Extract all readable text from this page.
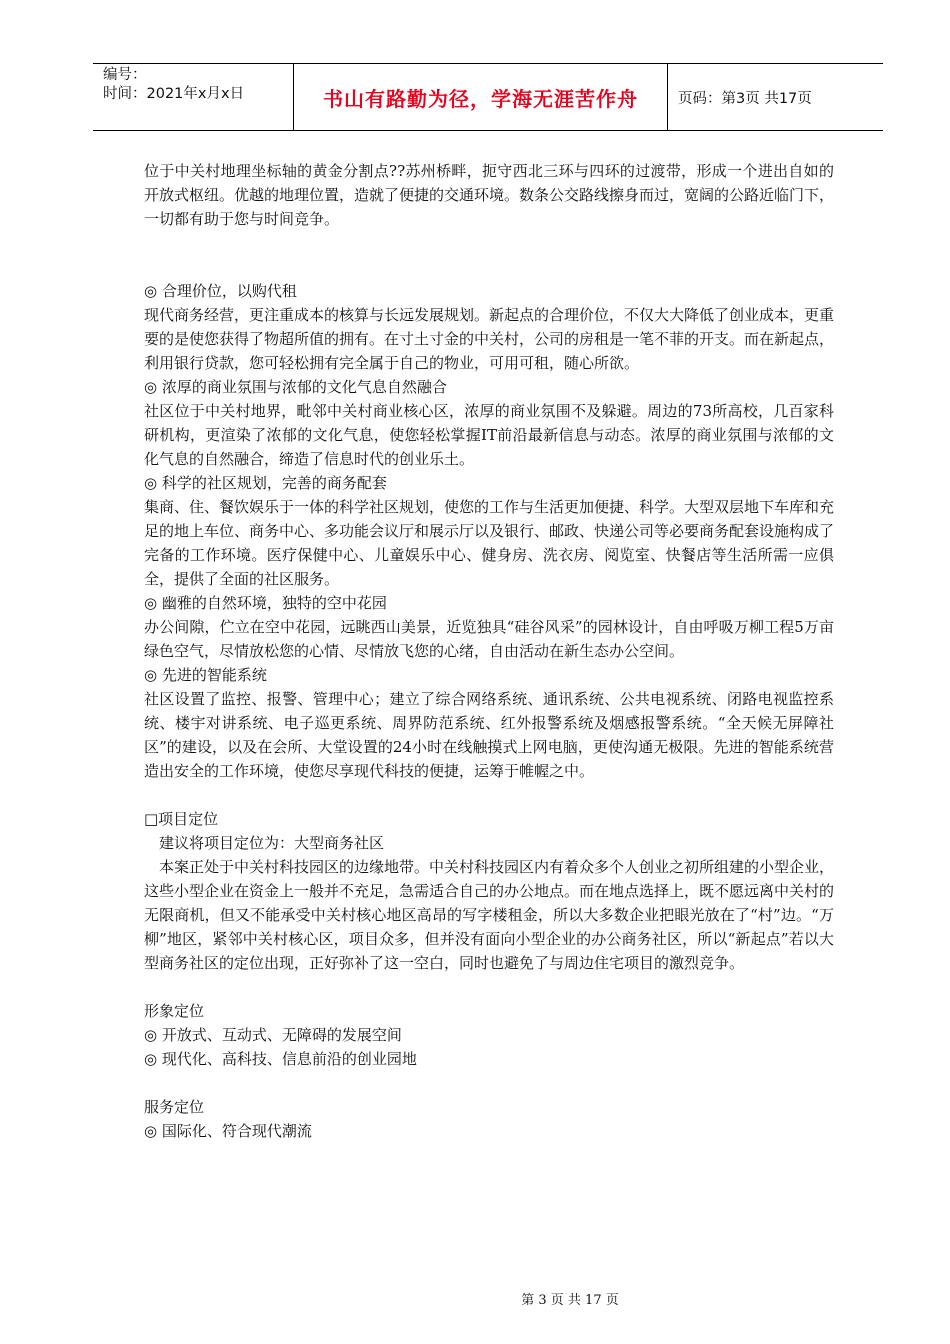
编号：
时间：2021年x月x日	书山有路勤为径，学海无涯苦作舟	页码：第3页 共17页

位于中关村地理坐标轴的黄金分割点??苏州桥畔，扼守西北三环与四环的过渡带，形成一个进出自如的开放式枢纽。优越的地理位置，造就了便捷的交通环境。数条公交路线擦身而过，宽阔的公路近临门下，一切都有助于您与时间竞争。

◎ 合理价位，以购代租

现代商务经营，更注重成本的核算与长远发展规划。新起点的合理价位，不仅大大降低了创业成本，更重要的是使您获得了物超所值的拥有。在寸土寸金的中关村，公司的房租是一笔不菲的开支。而在新起点，利用银行贷款，您可轻松拥有完全属于自己的物业，可用可租，随心所欲。

◎ 浓厚的商业氛围与浓郁的文化气息自然融合

社区位于中关村地界，毗邻中关村商业核心区，浓厚的商业氛围不及躲避。周边的73所高校，几百家科研机构，更渲染了浓郁的文化气息，使您轻松掌握IT前沿最新信息与动态。浓厚的商业氛围与浓郁的文化气息的自然融合，缔造了信息时代的创业乐土。

◎ 科学的社区规划，完善的商务配套

集商、住、餐饮娱乐于一体的科学社区规划，使您的工作与生活更加便捷、科学。大型双层地下车库和充足的地上车位、商务中心、多功能会议厅和展示厅以及银行、邮政、快递公司等必要商务配套设施构成了完备的工作环境。医疗保健中心、儿童娱乐中心、健身房、洗衣房、阅览室、快餐店等生活所需一应俱全，提供了全面的社区服务。

◎ 幽雅的自然环境，独特的空中花园

办公间隙，伫立在空中花园，远眺西山美景，近览独具“硅谷风采”的园林设计，自由呼吸万柳工程5万亩绿色空气，尽情放松您的心情、尽情放飞您的心绪，自由活动在新生态办公空间。

◎ 先进的智能系统

社区设置了监控、报警、管理中心；建立了综合网络系统、通讯系统、公共电视系统、闭路电视监控系统、楼宇对讲系统、电子巡更系统、周界防范系统、红外报警系统及烟感报警系统。“全天候无屏障社区”的建设，以及在会所、大堂设置的24小时在线触摸式上网电脑，更使沟通无极限。先进的智能系统营造出安全的工作环境，使您尽享现代科技的便捷，运筹于帷幄之中。

□项目定位

建议将项目定位为：大型商务社区

本案正处于中关村科技园区的边缘地带。中关村科技园区内有着众多个人创业之初所组建的小型企业，这些小型企业在资金上一般并不充足，急需适合自己的办公地点。而在地点选择上，既不愿远离中关村的无限商机，但又不能承受中关村核心地区高昂的写字楼租金，所以大多数企业把眼光放在了“村”边。“万柳”地区，紧邻中关村核心区，项目众多，但并没有面向小型企业的办公商务社区，所以“新起点”若以大型商务社区的定位出现，正好弥补了这一空白，同时也避免了与周边住宅项目的激烈竞争。

形象定位

◎ 开放式、互动式、无障碍的发展空间

◎ 现代化、高科技、信息前沿的创业园地

服务定位

◎ 国际化、符合现代潮流

第 3 页 共 17 页
